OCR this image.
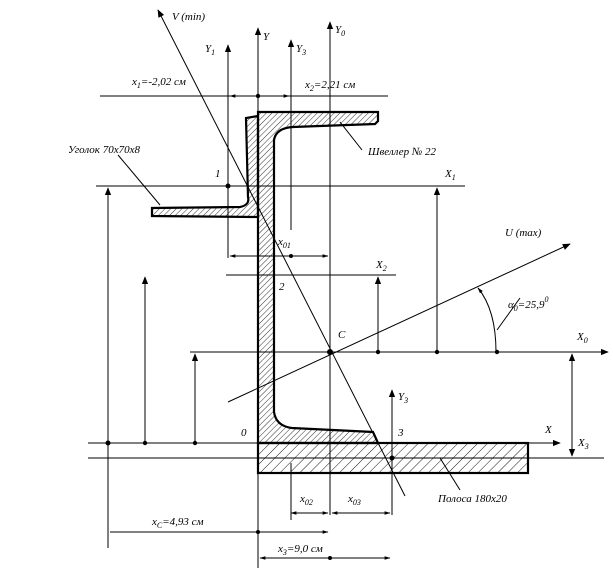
V (min)
U (max)
$\alpha_0=25,9^0$
Уголок 70х70х8	Швеллер № 22
Полоса 180х20
$x_1=-2,02$ см	$x_2=2,21$ см
$x_C=4,93$ см
$x_3=9,0$ см
$x_{01}$
$x_{02}$	$x_{03}$
Y
$Y_1$	$Y_3$
$Y_0$
$Y_3$
X
$X_1$
$X_2$
$X_0$
$X_3$
1
2
3
0
C
